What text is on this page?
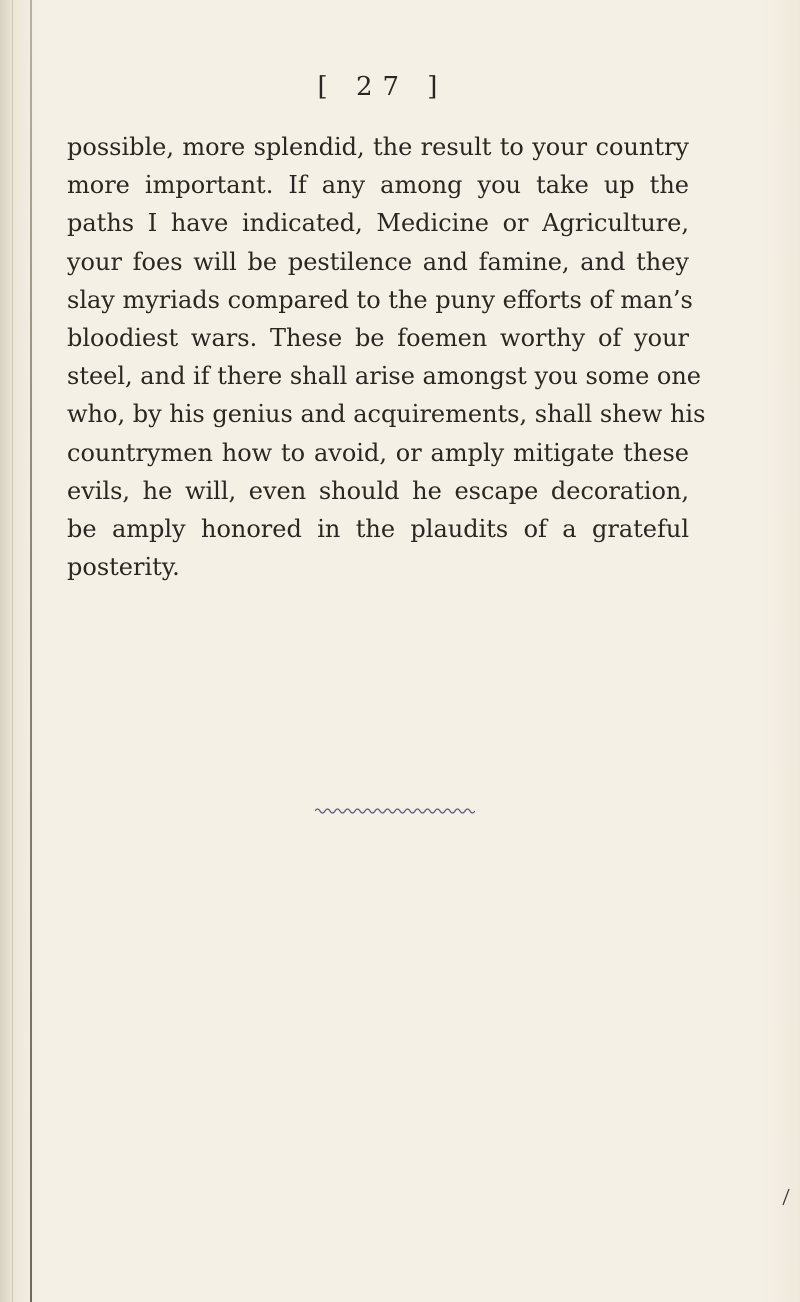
[ 27 ]
possible, more splendid, the result to your country
more important. If any among you take up the
paths I have indicated, Medicine or Agriculture,
your foes will be pestilence and famine, and they
slay myriads compared to the puny efforts of man’s
bloodiest wars. These be foemen worthy of your
steel, and if there shall arise amongst you some one
who, by his genius and acquirements, shall shew his
countrymen how to avoid, or amply mitigate these
evils, he will, even should he escape decoration,
be amply honored in the plaudits of a grateful
posterity.
